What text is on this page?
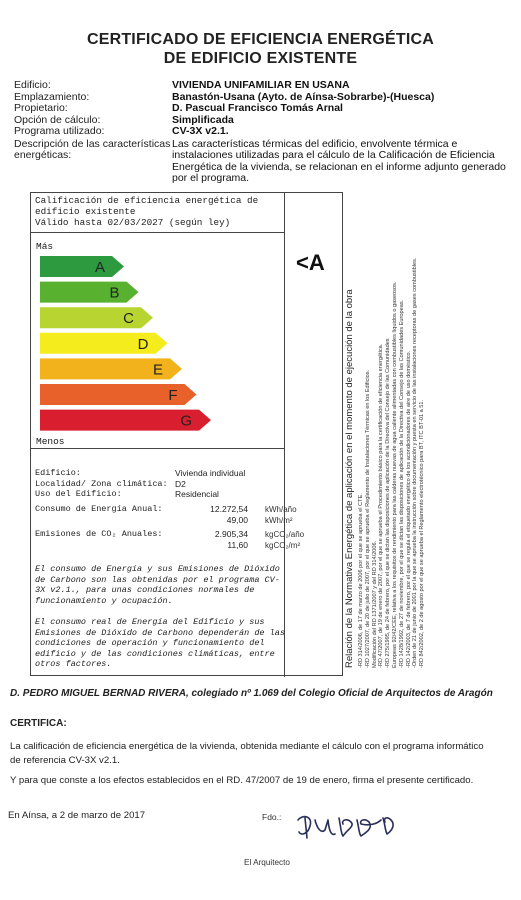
CERTIFICADO DE EFICIENCIA ENERGÉTICA
DE EDIFICIO EXISTENTE
Edificio:	VIVIENDA UNIFAMILIAR EN USANA
Emplazamiento:	Banastón-Usana (Ayto. de Aínsa-Sobrarbe)-(Huesca)
Propietario:	D. Pascual Francisco Tomás Arnal
Opción de cálculo:	Simplificada
Programa utilizado:	CV-3X v2.1.
Descripción de las características
energéticas:
Las características térmicas del edificio, envolvente térmica e instalaciones utilizadas para el cálculo de la Calificación de Eficiencia Energética de la vivienda, se relacionan en el informe adjunto generado por el programa.
Calificación de eficiencia energética de
edificio existente
Válido hasta 02/03/2027 (según ley)
Más
A
B
C
D
E
F
G
Menos
<A
Edificio:	Vivienda individual
Localidad/ Zona climática: D2
Uso del Edificio:	Residencial
Consumo de Energía Anual:	12.272,54 kWh/año
49,00 kWh/m²
Emisiones de CO₂ Anuales:	2.905,34 kgCO₂/año
11,60 kgCO₂/m²
El consumo de Energía y sus Emisiones de Dióxido de Carbono son las obtenidas por el programa CV-3X v2.1., para unas condiciones normales de funcionamiento y ocupación.
El consumo real de Energía del Edificio y sus Emisiones de Dióxido de Carbono dependerán de las condiciones de operación y funcionamiento del edificio y de las condiciones climáticas, entre otros factores.	Relación de la Normativa Energética de aplicación en el momento de ejecución de la obra -RD 314/2006, de 17 de marzo de 2006 por el que se aprueba el CTE. -RD 1027/2007, de 20 de julio de 2007, por el que se aprueba el Reglamento de Instalaciones Térmicas en los Edificios. Modificación del RD 1371/2007 y del RD 314/2006. -RD 47/2007, de 19 de enero de 2007, por el que se aprueba el Procedimiento básico para la certificación de eficiencia energética. -RD 275/1995, de 24 de febrero, por el que se dictan las disposiciones de aplicación de la Directiva del Consejo de las Comunidades Europeas 92/42/CEE, relativa a los requisitos de rendimiento para las calderas nuevas de agua caliente alimentadas con combustibles líquidos o gaseosos. -RD 1428/1992, de 27 de noviembre, por el que se dictan las disposiciones de aplicación de la Directiva del Consejo de las Comunidades Europeas. -RD 142/2003, de 7 de febrero, por el que se regula el etiquetado energético de los acondicionadores de aire de uso doméstico. -Orden de 21 de junio de 2001 por la que se aprueba la instrucción sobre documentación y puesta en servicio de las instalaciones receptoras de gases combustibles. -RD 842/2002, de 2 de agosto por el que se aprueba el Reglamento electrotécnico para BT, ITC BT-01 a 51.
D. PEDRO MIGUEL BERNAD RIVERA, colegiado nº 1.069 del Colegio Oficial de Arquitectos de Aragón
CERTIFICA:
La calificación de eficiencia energética de la vivienda, obtenida mediante el cálculo con el programa informático
de referencia CV-3X v2.1.
Y para que conste a los efectos establecidos en el RD. 47/2007 de 19 de enero, firma el presente certificado.
En Aínsa, a 2 de marzo de 2017	Fdo.:
El Arquitecto
